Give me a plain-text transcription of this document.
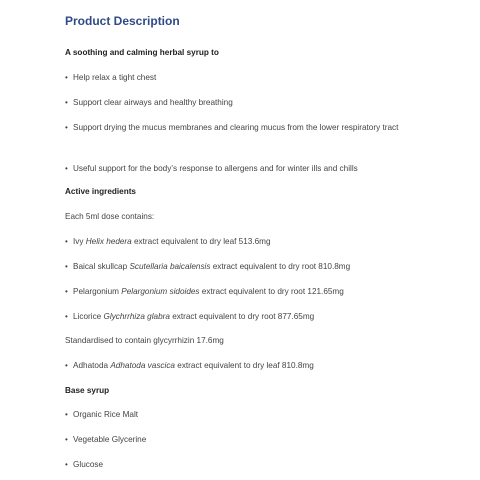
Product Description
A soothing and calming herbal syrup to
• Help relax a tight chest
• Support clear airways and healthy breathing
• Support drying the mucus membranes and clearing mucus from the lower respiratory tract
• Useful support for the body’s response to allergens and for winter ills and chills
Active ingredients
Each 5ml dose contains:
• Ivy Helix hedera extract equivalent to dry leaf 513.6mg
• Baical skullcap Scutellaria baicalensis extract equivalent to dry root 810.8mg
• Pelargonium Pelargonium sidoides extract equivalent to dry root 121.65mg
• Licorice Glychrrhiza glabra extract equivalent to dry root 877.65mg
Standardised to contain glycyrrhizin 17.6mg
• Adhatoda Adhatoda vascica extract equivalent to dry leaf 810.8mg
Base syrup
• Organic Rice Malt
• Vegetable Glycerine
• Glucose
